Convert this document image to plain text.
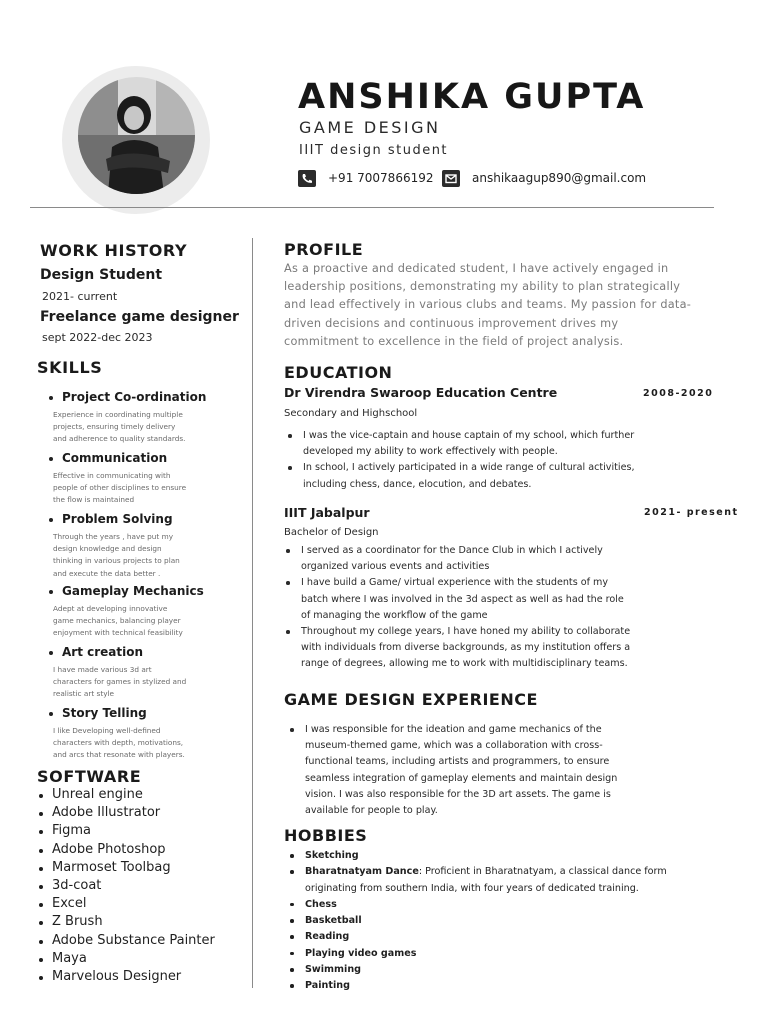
ANSHIKA GUPTA
GAME DESIGN
IIIT design student
+91 7007866192	anshikaagup890@gmail.com
WORK HISTORY
Design Student
2021- current
Freelance game designer
sept 2022-dec 2023
SKILLS
Project Co-ordination
Experience in coordinating multiple
projects, ensuring timely delivery
and adherence to quality standards.
Communication
Effective in communicating with
people of other disciplines to ensure
the flow is maintained
Problem Solving
Through the years , have put my
design knowledge and design
thinking in various projects to plan
and execute the data better .
Gameplay Mechanics
Adept at developing innovative
game mechanics, balancing player
enjoyment with technical feasibility
Art creation
I have made various 3d art
characters for games in stylized and
realistic art style
Story Telling
I like Developing well-defined
characters with depth, motivations,
and arcs that resonate with players.
SOFTWARE
Unreal engine
Adobe Illustrator
Figma
Adobe Photoshop
Marmoset Toolbag
3d-coat
Excel
Z Brush
Adobe Substance Painter
Maya
Marvelous Designer
PROFILE
As a proactive and dedicated student, I have actively engaged in
leadership positions, demonstrating my ability to plan strategically
and lead effectively in various clubs and teams. My passion for data-
driven decisions and continuous improvement drives my
commitment to excellence in the field of project analysis.
EDUCATION
Dr Virendra Swaroop Education Centre	2008-2020
Secondary and Highschool
I was the vice-captain and house captain of my school, which further
developed my ability to work effectively with people.
In school, I actively participated in a wide range of cultural activities,
including chess, dance, elocution, and debates.
IIIT Jabalpur	2021- present
Bachelor of Design
I served as a coordinator for the Dance Club in which I actively
organized various events and activities
I have build a Game/ virtual experience with the students of my
batch where I was involved in the 3d aspect as well as had the role
of managing the workflow of the game
Throughout my college years, I have honed my ability to collaborate
with individuals from diverse backgrounds, as my institution offers a
range of degrees, allowing me to work with multidisciplinary teams.
GAME DESIGN EXPERIENCE
I was responsible for the ideation and game mechanics of the
museum-themed game, which was a collaboration with cross-
functional teams, including artists and programmers, to ensure
seamless integration of gameplay elements and maintain design
vision. I was also responsible for the 3D art assets. The game is
available for people to play.
HOBBIES
Sketching
Bharatnatyam Dance: Proficient in Bharatnatyam, a classical dance form
originating from southern India, with four years of dedicated training.
Chess
Basketball
Reading
Playing video games
Swimming
Painting
